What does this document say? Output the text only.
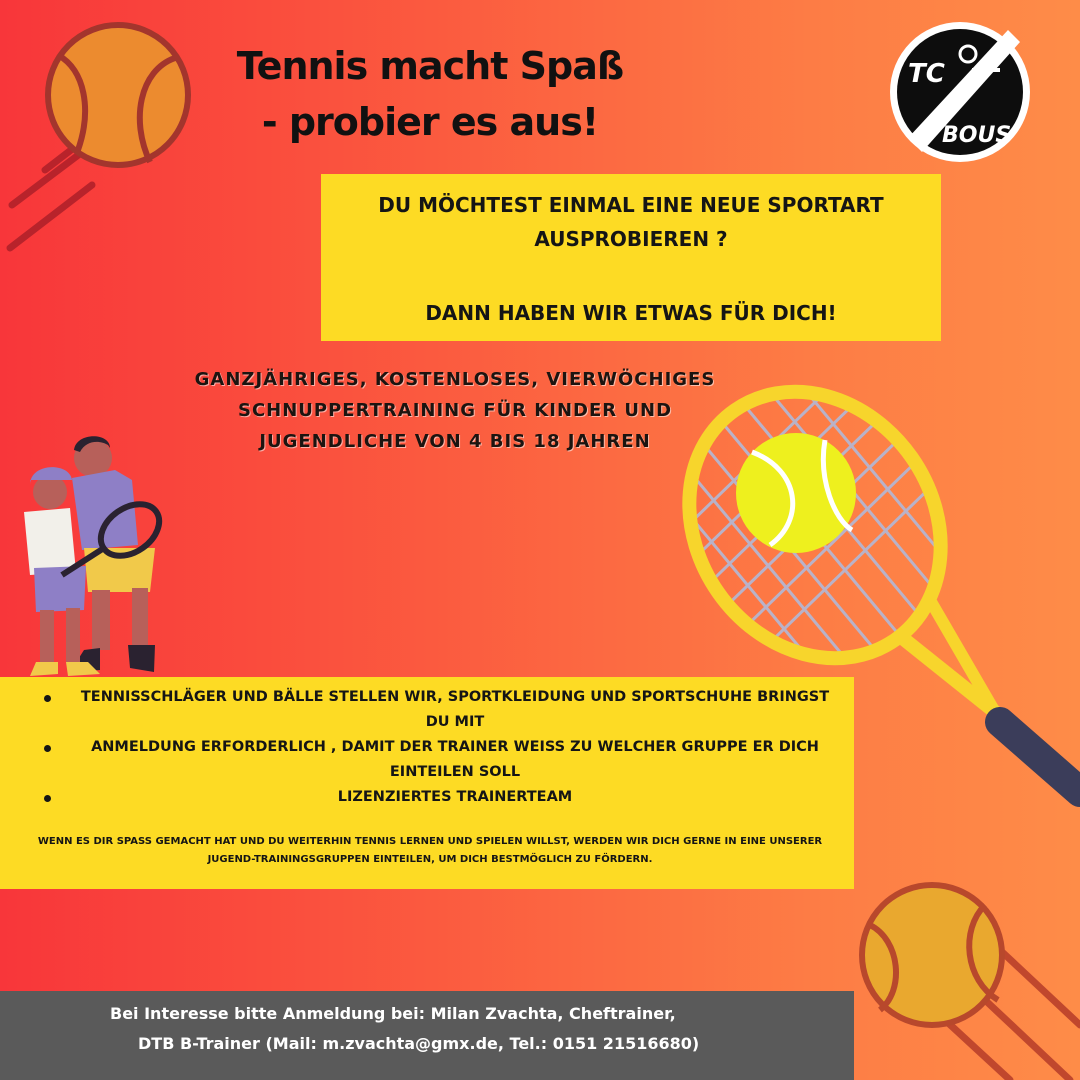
Tennis macht Spaß
- probier es aus!
TC
BOUS
DU MÖCHTEST EINMAL EINE NEUE SPORTART AUSPROBIEREN ?
DANN HABEN WIR ETWAS FÜR DICH!
GANZJÄHRIGES, KOSTENLOSES, VIERWÖCHIGES
SCHNUPPERTRAINING FÜR KINDER UND
JUGENDLICHE VON 4 BIS 18 JAHREN
TENNISSCHLÄGER UND BÄLLE STELLEN WIR, SPORTKLEIDUNG UND SPORTSCHUHE BRINGST DU MIT
ANMELDUNG ERFORDERLICH , DAMIT DER TRAINER WEISS ZU WELCHER GRUPPE ER DICH EINTEILEN SOLL
LIZENZIERTES TRAINERTEAM
WENN ES DIR SPASS GEMACHT HAT UND DU WEITERHIN TENNIS LERNEN UND SPIELEN WILLST, WERDEN WIR DICH GERNE IN EINE UNSERER JUGEND-TRAININGSGRUPPEN EINTEILEN, UM DICH BESTMÖGLICH ZU FÖRDERN.
Bei Interesse bitte Anmeldung bei: Milan Zvachta, Cheftrainer,
DTB B-Trainer (Mail: m.zvachta@gmx.de, Tel.: 0151 21516680)
